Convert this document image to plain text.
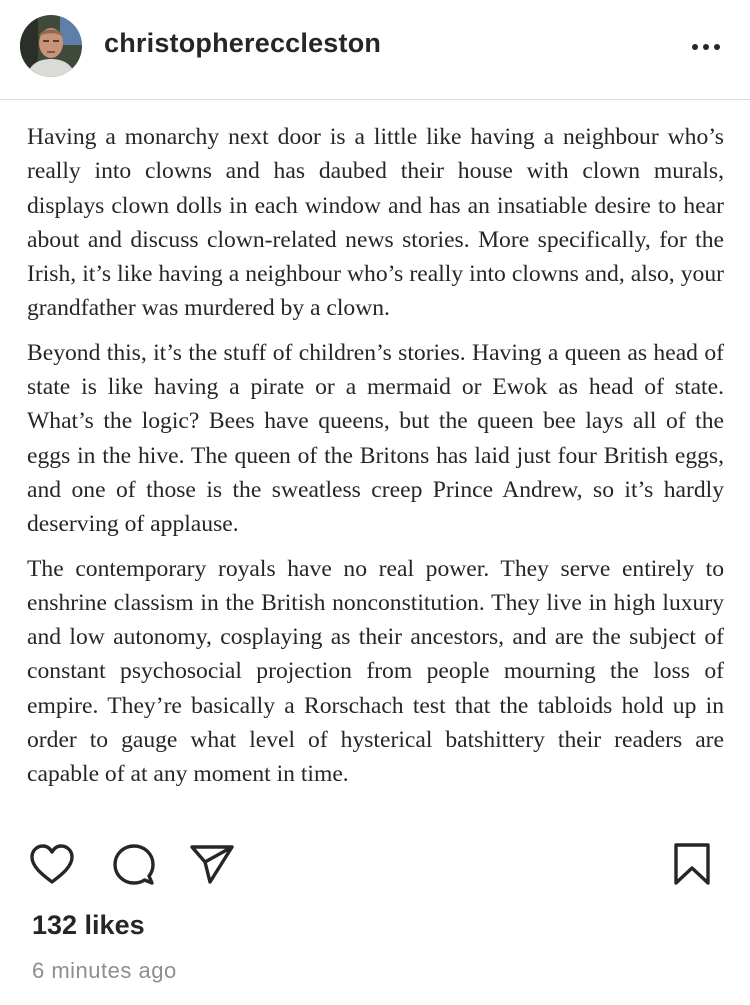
christophereccleston

Having a monarchy next door is a little like having a neighbour who’s really into clowns and has daubed their house with clown murals, displays clown dolls in each window and has an insatiable desire to hear about and discuss clown-related news stories. More specifically, for the Irish, it’s like having a neighbour who’s really into clowns and, also, your grandfather was murdered by a clown.

Beyond this, it’s the stuff of children’s stories. Having a queen as head of state is like having a pirate or a mermaid or Ewok as head of state. What’s the logic? Bees have queens, but the queen bee lays all of the eggs in the hive. The queen of the Britons has laid just four British eggs, and one of those is the sweatless creep Prince Andrew, so it’s hardly deserving of applause.

The contemporary royals have no real power. They serve entirely to enshrine classism in the British nonconstitution. They live in high luxury and low autonomy, cosplaying as their ancestors, and are the subject of constant psychosocial projection from people mourning the loss of empire. They’re basically a Rorschach test that the tabloids hold up in order to gauge what level of hysterical batshittery their readers are capable of at any moment in time.

132 likes
6 minutes ago
